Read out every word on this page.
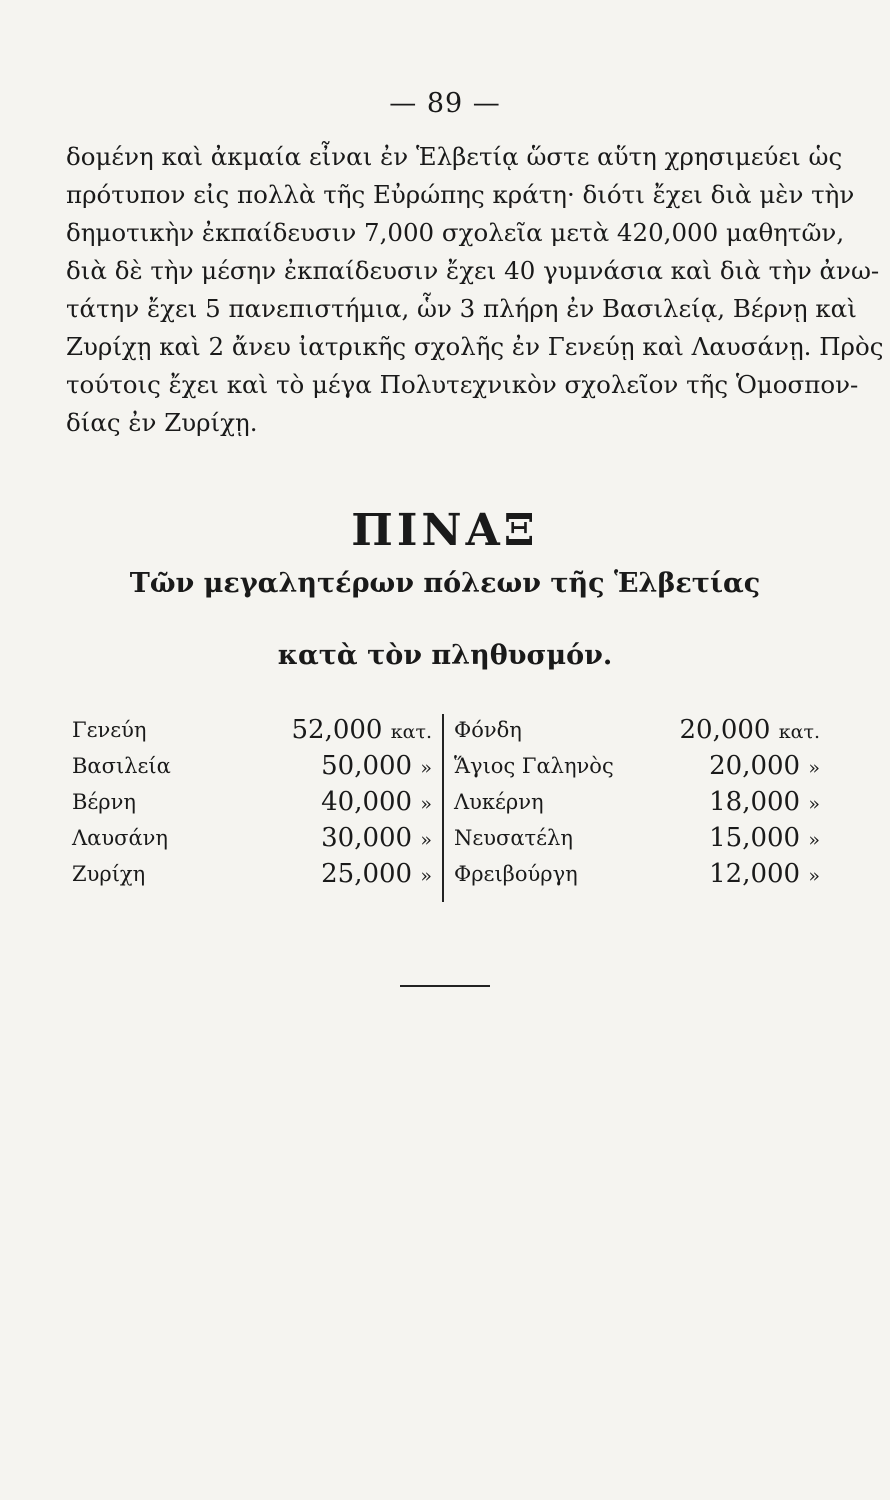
— 89 —
δομένη καὶ ἀκμαία εἶναι ἐν Ἑλβετίᾳ ὥστε αὕτη χρησιμεύει ὡς
πρότυπον εἰς πολλὰ τῆς Εὐρώπης κράτη· διότι ἔχει διὰ μὲν τὴν
δημοτικὴν ἐκπαίδευσιν 7,000 σχολεῖα μετὰ 420,000 μαθητῶν,
διὰ δὲ τὴν μέσην ἐκπαίδευσιν ἔχει 40 γυμνάσια καὶ διὰ τὴν ἀνω-
τάτην ἔχει 5 πανεπιστήμια, ὧν 3 πλήρη ἐν Βασιλείᾳ, Βέρνῃ καὶ
Ζυρίχῃ καὶ 2 ἄνευ ἰατρικῆς σχολῆς ἐν Γενεύῃ καὶ Λαυσάνῃ. Πρὸς
τούτοις ἔχει καὶ τὸ μέγα Πολυτεχνικὸν σχολεῖον τῆς Ὁμοσπον-
δίας ἐν Ζυρίχῃ.
ΠΙΝΑΞ
Τῶν μεγαλητέρων πόλεων τῆς Ἑλβετίας
κατὰ τὸν πληθυσμόν.
Γενεύη	52,000 κατ.
Βασιλεία	50,000 »
Βέρνη	40,000 »
Λαυσάνη	30,000 »
Ζυρίχη	25,000 »
Φόνδη	20,000 κατ.
Ἅγιος Γαληνὸς	20,000 »
Λυκέρνη	18,000 »
Νευσατέλη	15,000 »
Φρειβούργη	12,000 »
